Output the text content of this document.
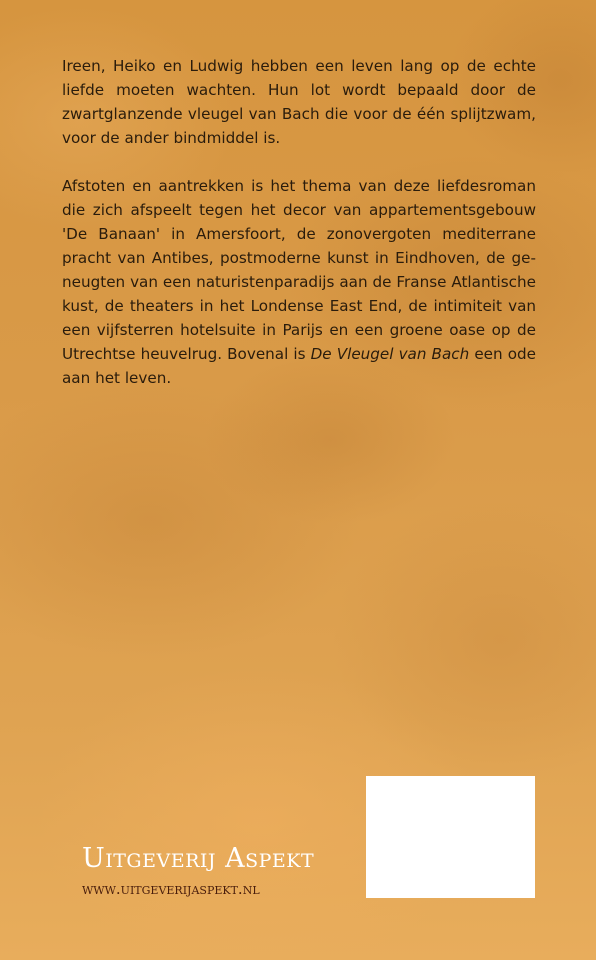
Ireen, Heiko en Ludwig hebben een leven lang op de echte liefde moeten wachten. Hun lot wordt bepaald door de zwartglanzende vleugel van Bach die voor de één splijtzwam, voor de ander bindmiddel is.

Afstoten en aantrekken is het thema van deze liefdesroman die zich afspeelt tegen het decor van appartementsgebouw 'De Banaan' in Amersfoort, de zonovergoten mediterrane pracht van Antibes, postmoderne kunst in Eindhoven, de geneugten van een naturistenparadijs aan de Franse Atlantische kust, de theaters in het Londense East End, de intimiteit van een vijfsterren hotelsuite in Parijs en een groene oase op de Utrechtse heuvelrug. Bovenal is De Vleugel van Bach een ode aan het leven.

Uitgeverij Aspekt
www.uitgeverijaspekt.nl
